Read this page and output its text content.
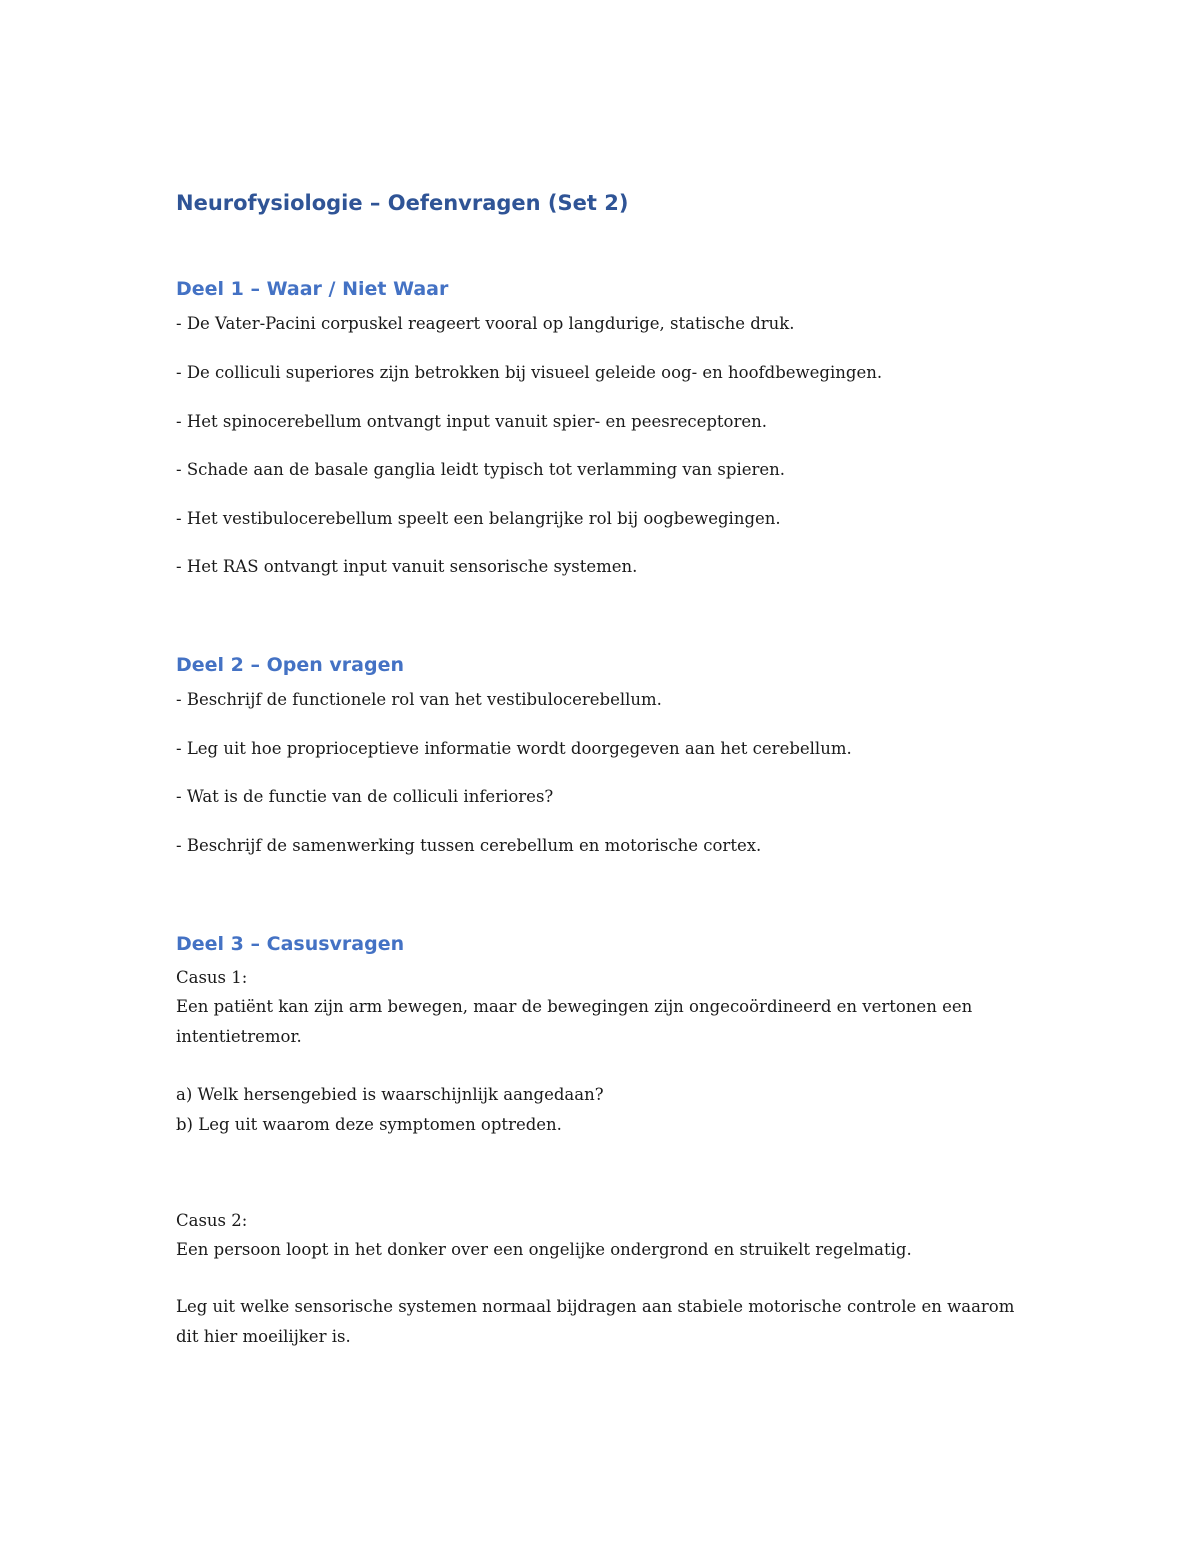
Neurofysiologie – Oefenvragen (Set 2)
Deel 1 – Waar / Niet Waar

- De Vater-Pacini corpuskel reageert vooral op langdurige, statische druk.

- De colliculi superiores zijn betrokken bij visueel geleide oog- en hoofdbewegingen.

- Het spinocerebellum ontvangt input vanuit spier- en peesreceptoren.

- Schade aan de basale ganglia leidt typisch tot verlamming van spieren.

- Het vestibulocerebellum speelt een belangrijke rol bij oogbewegingen.

- Het RAS ontvangt input vanuit sensorische systemen.

Deel 2 – Open vragen

- Beschrijf de functionele rol van het vestibulocerebellum.

- Leg uit hoe proprioceptieve informatie wordt doorgegeven aan het cerebellum.

- Wat is de functie van de colliculi inferiores?

- Beschrijf de samenwerking tussen cerebellum en motorische cortex.

Deel 3 – Casusvragen

Casus 1:

Een patiënt kan zijn arm bewegen, maar de bewegingen zijn ongecoördineerd en vertonen een intentietremor.

a) Welk hersengebied is waarschijnlijk aangedaan?

b) Leg uit waarom deze symptomen optreden.

Casus 2:

Een persoon loopt in het donker over een ongelijke ondergrond en struikelt regelmatig.

Leg uit welke sensorische systemen normaal bijdragen aan stabiele motorische controle en waarom dit hier moeilijker is.
